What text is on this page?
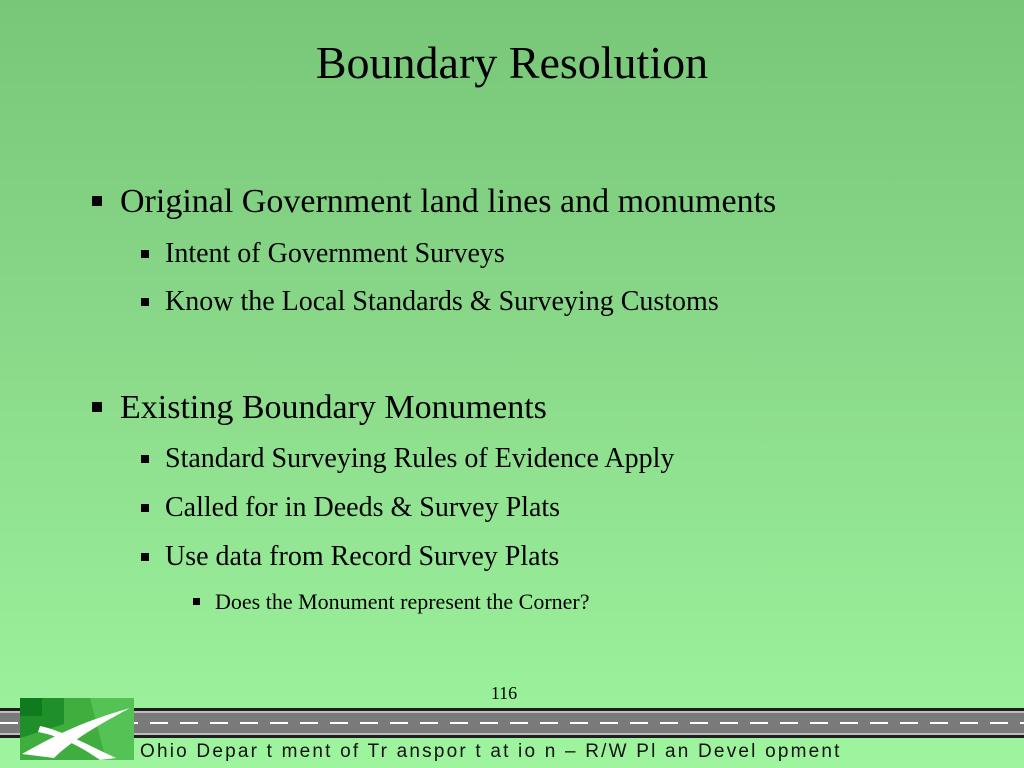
Boundary Resolution
Original Government land lines and monuments
Intent of Government Surveys
Know the Local Standards & Surveying Customs
Existing Boundary Monuments
Standard Surveying Rules of Evidence Apply
Called for in Deeds & Survey Plats
Use data from Record Survey Plats
Does the Monument represent the Corner?
116
Ohio Depar t ment of Tr anspor t at io n – R/W Pl an Devel opment
